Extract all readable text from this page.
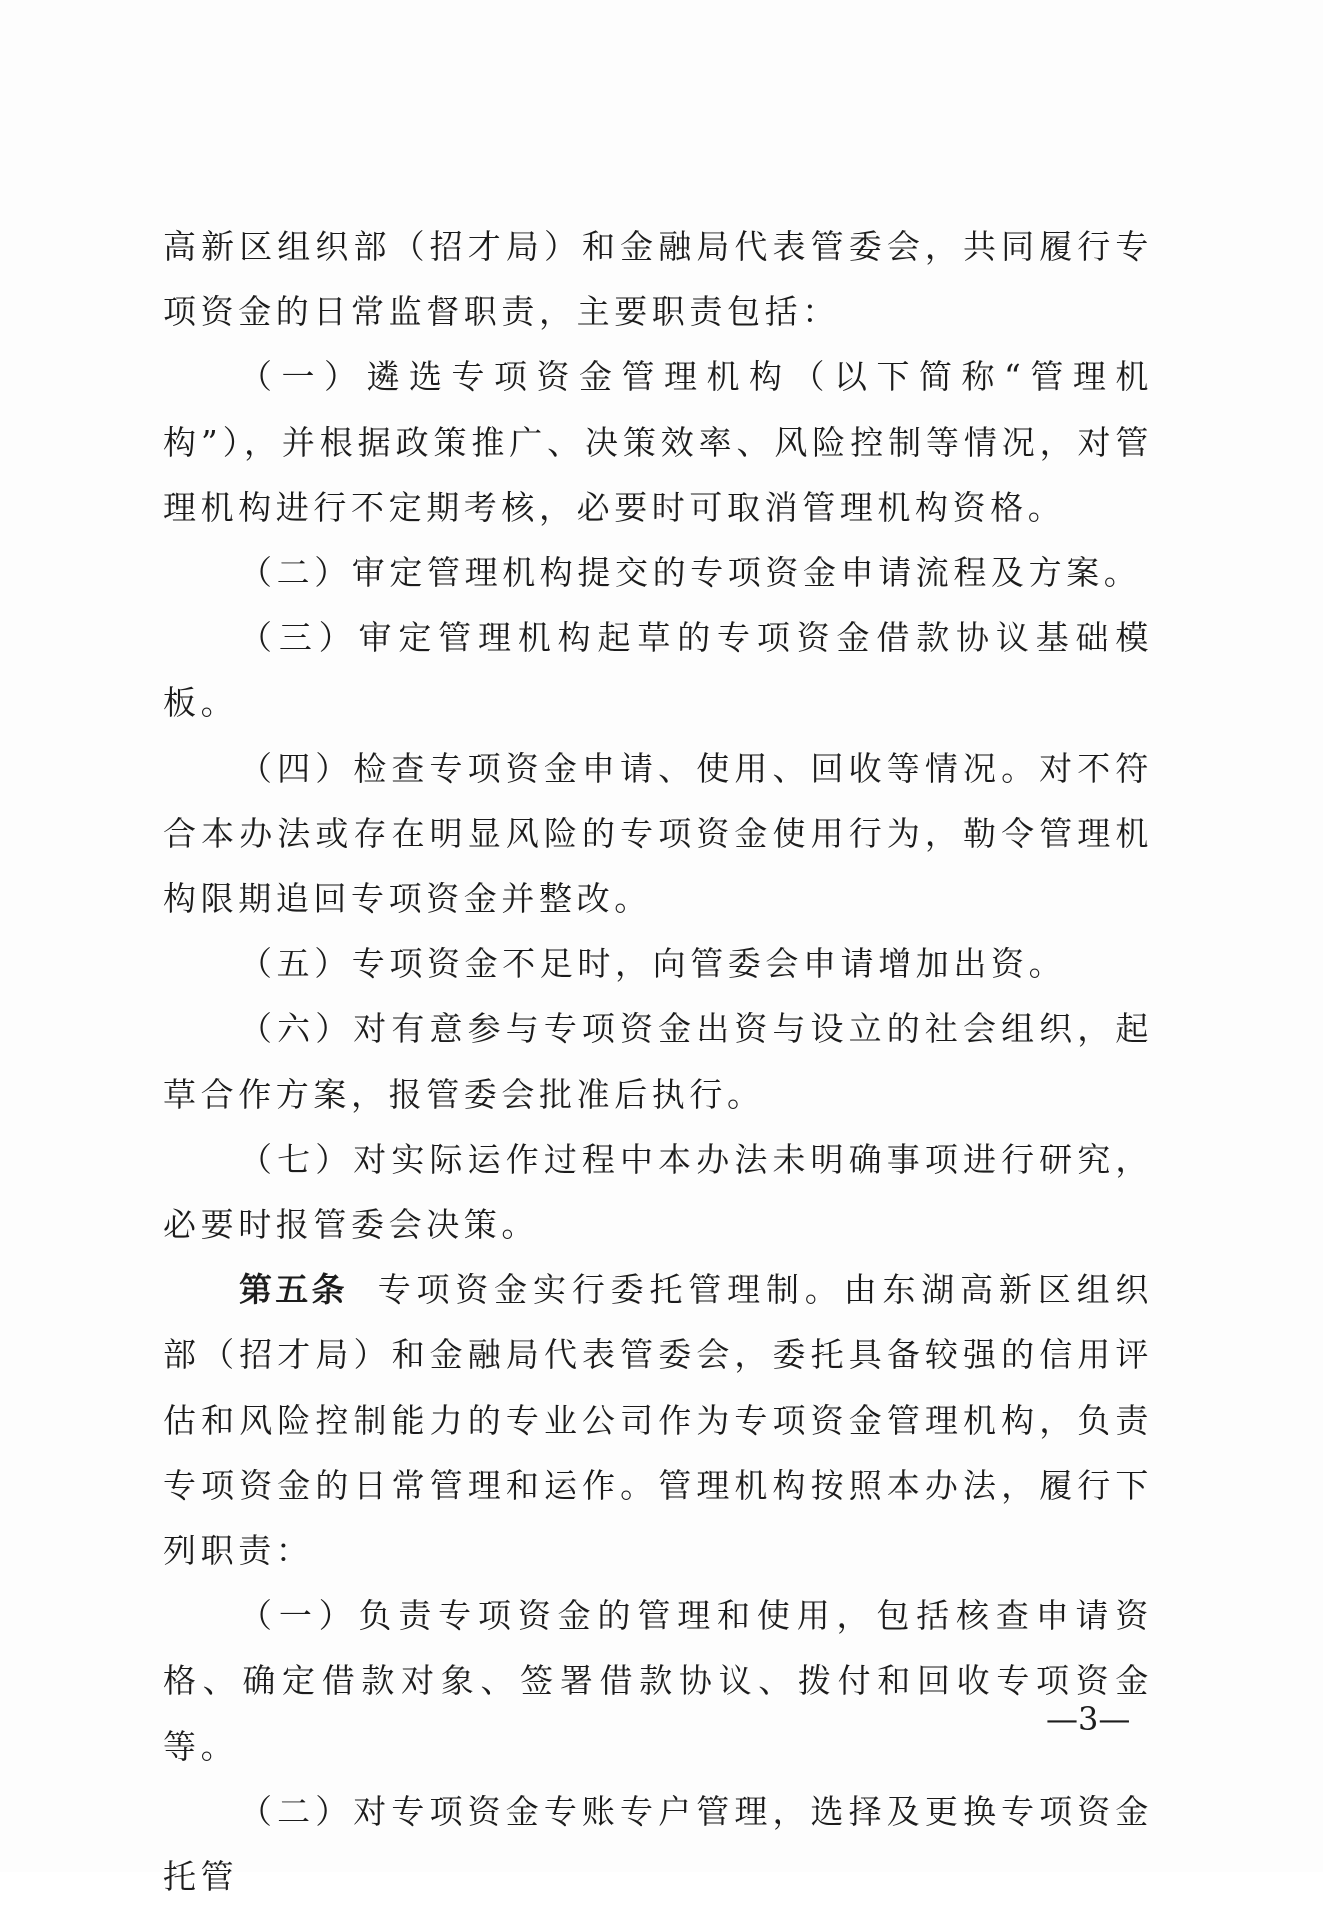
高新区组织部（招才局）和金融局代表管委会，共同履行专项资金的日常监督职责，主要职责包括：

（一）遴选专项资金管理机构（以下简称“管理机构”），并根据政策推广、决策效率、风险控制等情况，对管理机构进行不定期考核，必要时可取消管理机构资格。

（二）审定管理机构提交的专项资金申请流程及方案。

（三）审定管理机构起草的专项资金借款协议基础模板。

（四）检查专项资金申请、使用、回收等情况。对不符合本办法或存在明显风险的专项资金使用行为，勒令管理机构限期追回专项资金并整改。

（五）专项资金不足时，向管委会申请增加出资。

（六）对有意参与专项资金出资与设立的社会组织，起草合作方案，报管委会批准后执行。

（七）对实际运作过程中本办法未明确事项进行研究，必要时报管委会决策。

第五条 专项资金实行委托管理制。由东湖高新区组织部（招才局）和金融局代表管委会，委托具备较强的信用评估和风险控制能力的专业公司作为专项资金管理机构，负责专项资金的日常管理和运作。管理机构按照本办法，履行下列职责：

（一）负责专项资金的管理和使用，包括核查申请资格、确定借款对象、签署借款协议、拨付和回收专项资金等。

（二）对专项资金专账专户管理，选择及更换专项资金托管

—3—
